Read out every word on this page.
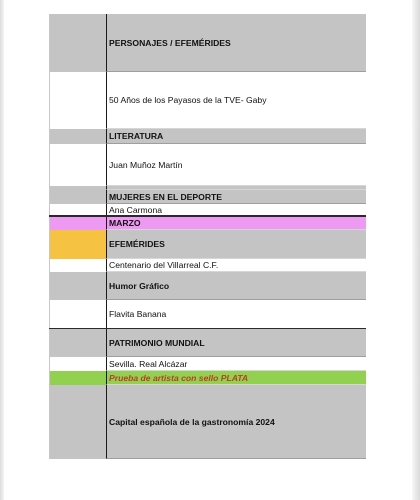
PERSONAJES / EFEMÉRIDES
50 Años de los Payasos de la TVE- Gaby
LITERATURA
Juan Muñoz Martín
MUJERES EN EL DEPORTE
Ana Carmona
MARZO
EFEMÉRIDES
Centenario del Villarreal C.F.
Humor Gráfico
Flavita Banana
PATRIMONIO MUNDIAL
Sevilla. Real Alcázar
Prueba de artista con sello PLATA
Capital española de la gastronomía 2024
